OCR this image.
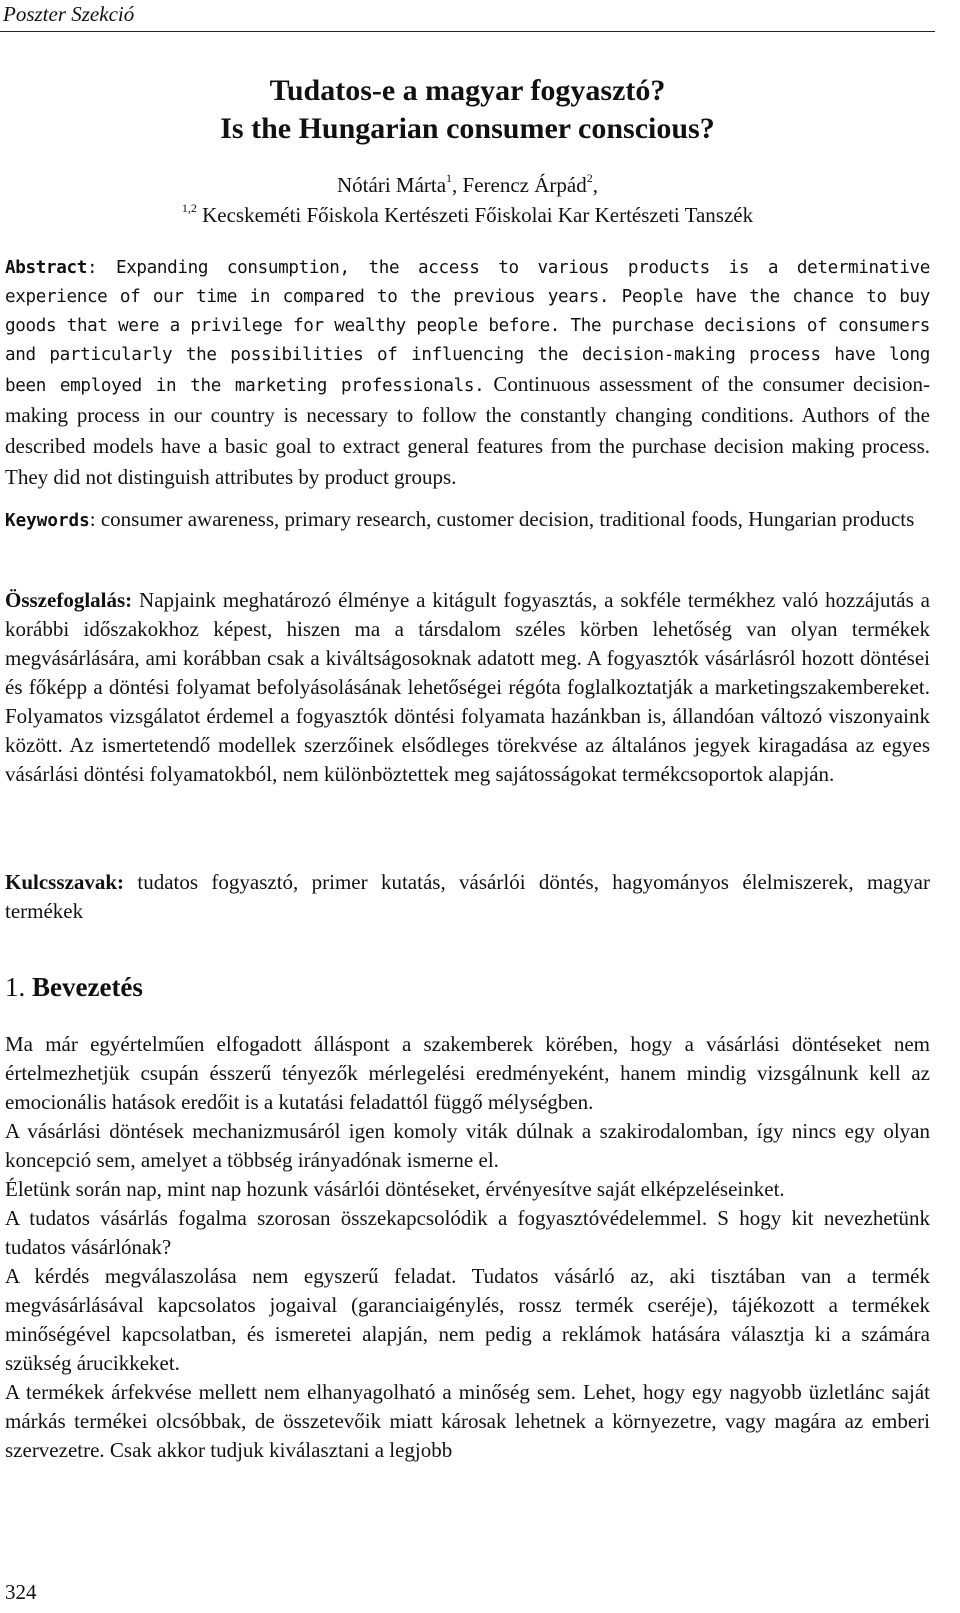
Poszter Szekció
Tudatos-e a magyar fogyasztó?
Is the Hungarian consumer conscious?
Nótári Márta$^1$, Ferencz Árpád$^2$,
$^{1,2}$ Kecskeméti Főiskola Kertészeti Főiskolai Kar Kertészeti Tanszék
Abstract: Expanding consumption, the access to various products is a determinative experience of our time in compared to the previous years. People have the chance to buy goods that were a privilege for wealthy people before. The purchase decisions of consumers and particularly the possibilities of influencing the decision-making process have long been employed in the marketing professionals. Continuous assessment of the consumer decision-making process in our country is necessary to follow the constantly changing conditions. Authors of the described models have a basic goal to extract general features from the purchase decision making process. They did not distinguish attributes by product groups.
Keywords: consumer awareness, primary research, customer decision, traditional foods, Hungarian products
Összefoglalás: Napjaink meghatározó élménye a kitágult fogyasztás, a sokféle termékhez való hozzájutás a korábbi időszakokhoz képest, hiszen ma a társdalom széles körben lehetőség van olyan termékek megvásárlására, ami korábban csak a kiváltságosoknak adatott meg. A fogyasztók vásárlásról hozott döntései és főképp a döntési folyamat befolyásolásának lehetőségei régóta foglalkoztatják a marketingszakembereket. Folyamatos vizsgálatot érdemel a fogyasztók döntési folyamata hazánkban is, állandóan változó viszonyaink között. Az ismertetendő modellek szerzőinek elsődleges törekvése az általános jegyek kiragadása az egyes vásárlási döntési folyamatokból, nem különböztettek meg sajátosságokat termékcsoportok alapján.
Kulcsszavak: tudatos fogyasztó, primer kutatás, vásárlói döntés, hagyományos élelmiszerek, magyar termékek
1. Bevezetés

Ma már egyértelműen elfogadott álláspont a szakemberek körében, hogy a vásárlási döntéseket nem értelmezhetjük csupán ésszerű tényezők mérlegelési eredményeként, hanem mindig vizsgálnunk kell az emocionális hatások eredőit is a kutatási feladattól függő mélységben.

A vásárlási döntések mechanizmusáról igen komoly viták dúlnak a szakirodalomban, így nincs egy olyan koncepció sem, amelyet a többség irányadónak ismerne el.

Életünk során nap, mint nap hozunk vásárlói döntéseket, érvényesítve saját elképzeléseinket.

A tudatos vásárlás fogalma szorosan összekapcsolódik a fogyasztóvédelemmel. S hogy kit nevezhetünk tudatos vásárlónak?

A kérdés megválaszolása nem egyszerű feladat. Tudatos vásárló az, aki tisztában van a termék megvásárlásával kapcsolatos jogaival (garanciaigénylés, rossz termék cseréje), tájékozott a termékek minőségével kapcsolatban, és ismeretei alapján, nem pedig a reklámok hatására választja ki a számára szükség árucikkeket.

A termékek árfekvése mellett nem elhanyagolható a minőség sem. Lehet, hogy egy nagyobb üzletlánc saját márkás termékei olcsóbbak, de összetevőik miatt károsak lehetnek a környezetre, vagy magára az emberi szervezetre. Csak akkor tudjuk kiválasztani a legjobb

324
